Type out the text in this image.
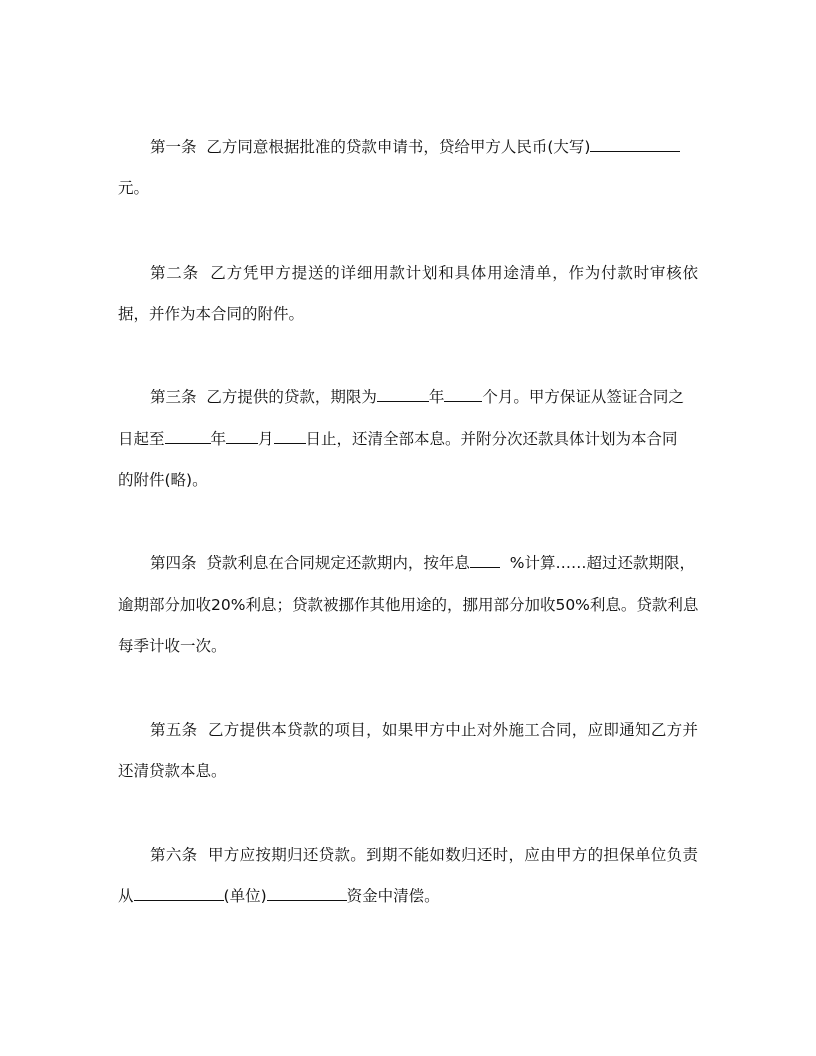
第一条 乙方同意根据批准的贷款申请书，贷给甲方人民币(大写)
元。
第二条 乙方凭甲方提送的详细用款计划和具体用途清单，作为付款时审核依
据，并作为本合同的附件。
第三条 乙方提供的贷款，期限为	年 个月。甲方保证从签证合同之
日起至	年 月 日止，还清全部本息。并附分次还款具体计划为本合同
的附件(略)。
第四条 贷款利息在合同规定还款期内，按年息	%计算……超过还款期限，
逾期部分加收20%利息；贷款被挪作其他用途的，挪用部分加收50%利息。贷款利息
每季计收一次。
第五条 乙方提供本贷款的项目，如果甲方中止对外施工合同，应即通知乙方并
还清贷款本息。
第六条 甲方应按期归还贷款。到期不能如数归还时，应由甲方的担保单位负责
从	(单位)	资金中清偿。
